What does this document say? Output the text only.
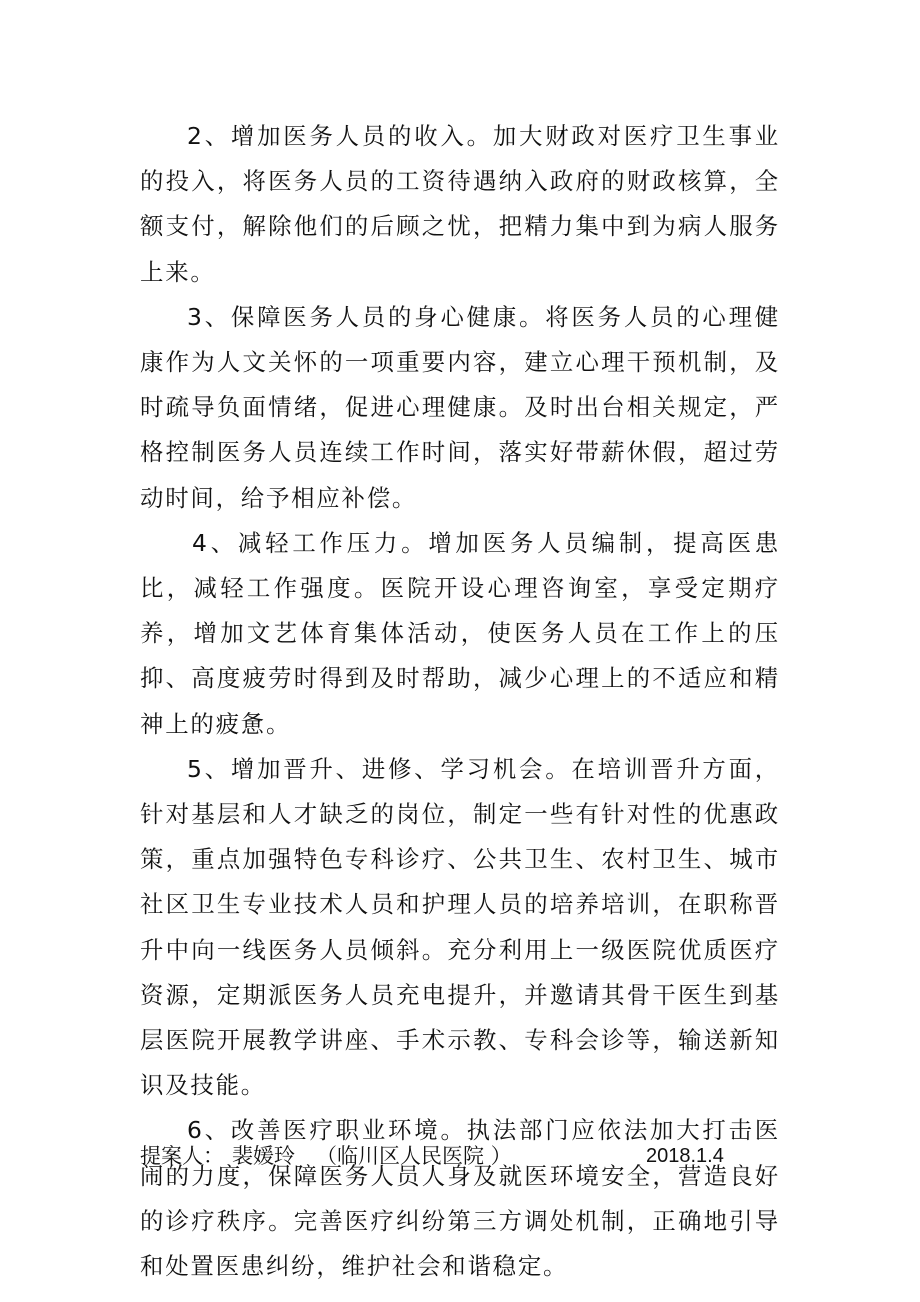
2、增加医务人员的收入。加大财政对医疗卫生事业的投入，将医务人员的工资待遇纳入政府的财政核算，全额支付，解除他们的后顾之忧，把精力集中到为病人服务上来。

3、保障医务人员的身心健康。将医务人员的心理健康作为人文关怀的一项重要内容，建立心理干预机制，及时疏导负面情绪，促进心理健康。及时出台相关规定，严格控制医务人员连续工作时间，落实好带薪休假，超过劳动时间，给予相应补偿。

4、减轻工作压力。增加医务人员编制，提高医患比，减轻工作强度。医院开设心理咨询室，享受定期疗养，增加文艺体育集体活动，使医务人员在工作上的压抑、高度疲劳时得到及时帮助，减少心理上的不适应和精神上的疲惫。

5、增加晋升、进修、学习机会。在培训晋升方面，针对基层和人才缺乏的岗位，制定一些有针对性的优惠政策，重点加强特色专科诊疗、公共卫生、农村卫生、城市社区卫生专业技术人员和护理人员的培养培训，在职称晋升中向一线医务人员倾斜。充分利用上一级医院优质医疗资源，定期派医务人员充电提升，并邀请其骨干医生到基层医院开展教学讲座、手术示教、专科会诊等，输送新知识及技能。

6、改善医疗职业环境。执法部门应依法加大打击医闹的力度，保障医务人员人身及就医环境安全，营造良好的诊疗秩序。完善医疗纠纷第三方调处机制，正确地引导和处置医患纠纷，维护社会和谐稳定。

提案人： 裴媛玲 （临川区人民医院 ）	2018.1.4
